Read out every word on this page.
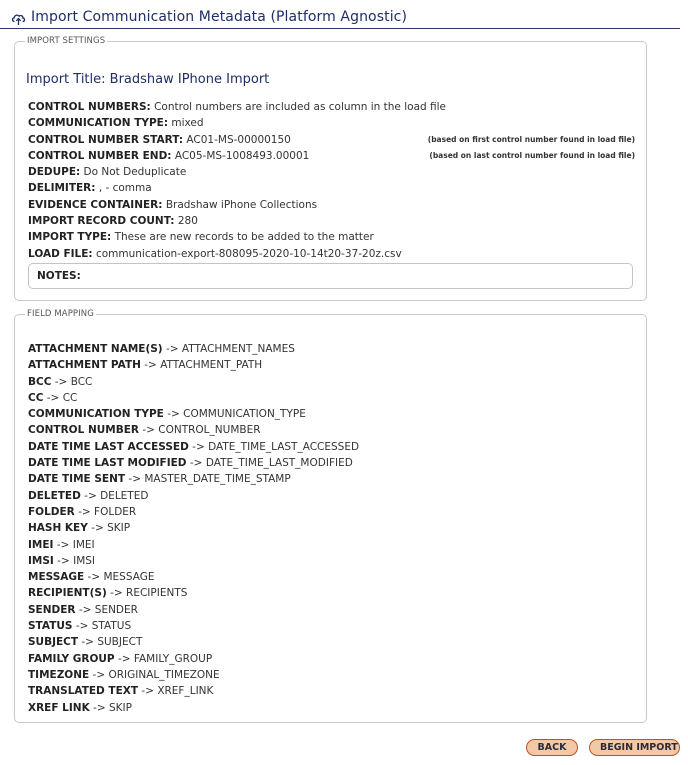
Import Communication Metadata (Platform Agnostic)
IMPORT SETTINGS
Import Title: Bradshaw IPhone Import
CONTROL NUMBERS: Control numbers are included as column in the load file
COMMUNICATION TYPE: mixed
CONTROL NUMBER START: AC01-MS-00000150	(based on first control number found in load file)
CONTROL NUMBER END: AC05-MS-1008493.00001	(based on last control number found in load file)
DEDUPE: Do Not Deduplicate
DELIMITER: , - comma
EVIDENCE CONTAINER: Bradshaw iPhone Collections
IMPORT RECORD COUNT: 280
IMPORT TYPE: These are new records to be added to the matter
LOAD FILE: communication-export-808095-2020-10-14t20-37-20z.csv
NOTES:
FIELD MAPPING
ATTACHMENT NAME(S) -> ATTACHMENT_NAMES
ATTACHMENT PATH -> ATTACHMENT_PATH
BCC -> BCC
CC -> CC
COMMUNICATION TYPE -> COMMUNICATION_TYPE
CONTROL NUMBER -> CONTROL_NUMBER
DATE TIME LAST ACCESSED -> DATE_TIME_LAST_ACCESSED
DATE TIME LAST MODIFIED -> DATE_TIME_LAST_MODIFIED
DATE TIME SENT -> MASTER_DATE_TIME_STAMP
DELETED -> DELETED
FOLDER -> FOLDER
HASH KEY -> SKIP
IMEI -> IMEI
IMSI -> IMSI
MESSAGE -> MESSAGE
RECIPIENT(S) -> RECIPIENTS
SENDER -> SENDER
STATUS -> STATUS
SUBJECT -> SUBJECT
FAMILY GROUP -> FAMILY_GROUP
TIMEZONE -> ORIGINAL_TIMEZONE
TRANSLATED TEXT -> XREF_LINK
XREF LINK -> SKIP
BACK	BEGIN IMPORT
